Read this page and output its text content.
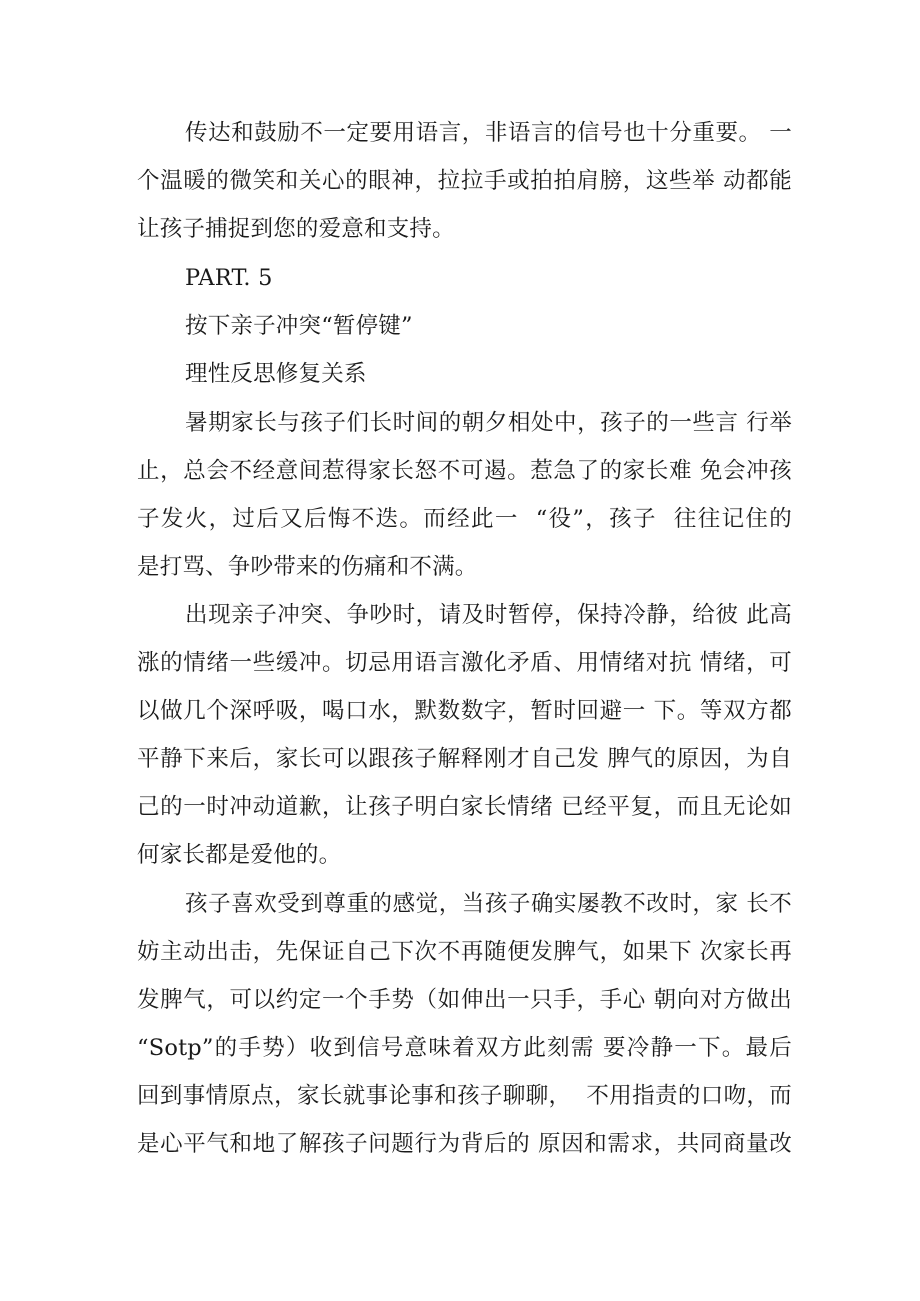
传达和鼓励不一定要用语言，非语言的信号也十分重要。 一
个温暖的微笑和关心的眼神，拉拉手或拍拍肩膀，这些举 动都能
让孩子捕捉到您的爱意和支持。
PART. 5
按下亲子冲突“暂停键”
理性反思修复关系
暑期家长与孩子们长时间的朝夕相处中，孩子的一些言 行举
止，总会不经意间惹得家长怒不可遏。惹急了的家长难 免会冲孩
子发火，过后又后悔不迭。而经此一  “役”，孩子  往往记住的
是打骂、争吵带来的伤痛和不满。
出现亲子冲突、争吵时，请及时暂停，保持冷静，给彼 此高
涨的情绪一些缓冲。切忌用语言激化矛盾、用情绪对抗 情绪，可
以做几个深呼吸，喝口水，默数数字，暂时回避一 下。等双方都
平静下来后，家长可以跟孩子解释刚才自己发 脾气的原因，为自
己的一时冲动道歉，让孩子明白家长情绪 已经平复，而且无论如
何家长都是爱他的。
孩子喜欢受到尊重的感觉，当孩子确实屡教不改时，家 长不
妨主动出击，先保证自己下次不再随便发脾气，如果下 次家长再
发脾气，可以约定一个手势（如伸出一只手，手心 朝向对方做出
“Sotp”的手势）收到信号意味着双方此刻需 要冷静一下。最后
回到事情原点，家长就事论事和孩子聊聊，  不用指责的口吻，而
是心平气和地了解孩子问题行为背后的 原因和需求，共同商量改
